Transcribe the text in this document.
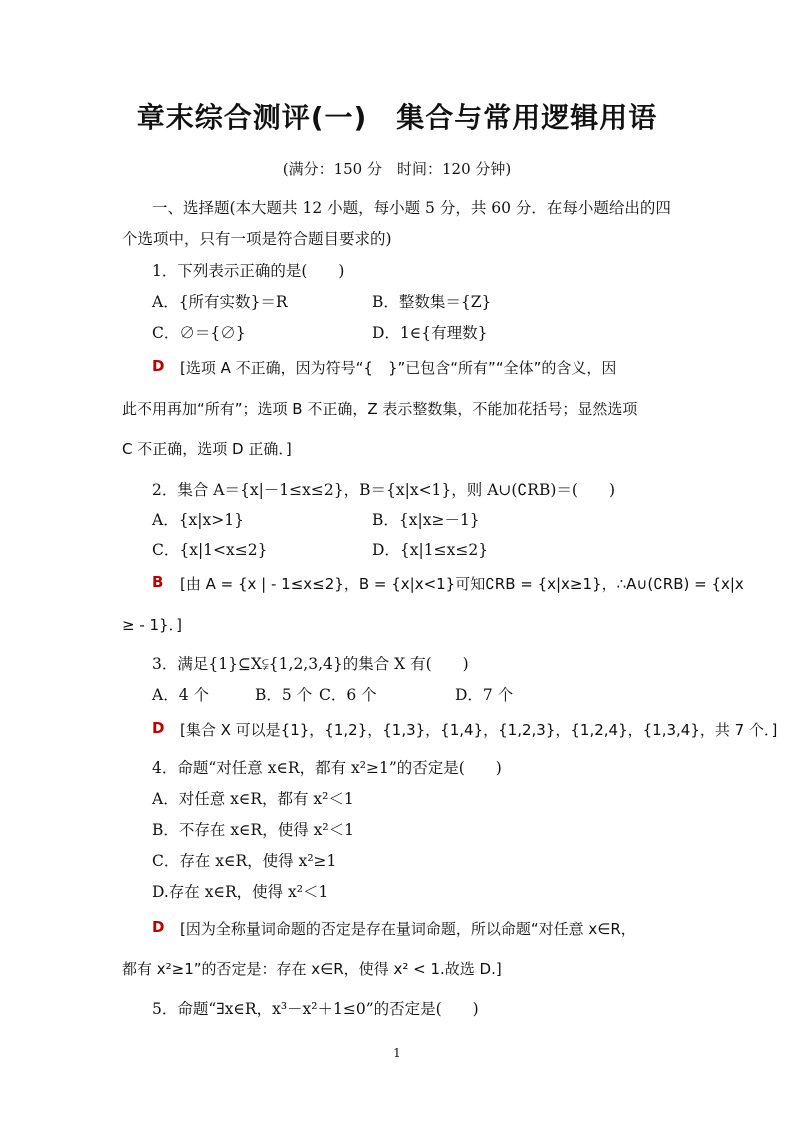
章末综合测评(一)　集合与常用逻辑用语
(满分：150 分　时间：120 分钟)
一、选择题(本大题共 12 小题，每小题 5 分，共 60 分．在每小题给出的四
个选项中，只有一项是符合题目要求的)
1．下列表示正确的是(　　)
A．{所有实数}＝R	B．整数集＝{Z}
C．∅＝{∅}	D．1∈{有理数}
D [选项 A 不正确，因为符号“{　}”已包含“所有”“全体”的含义，因
此不用再加“所有”；选项 B 不正确，Z 表示整数集，不能加花括号；显然选项
C 不正确，选项 D 正确．]
2．集合 A＝{x|－1≤x≤2}，B＝{x|x<1}，则 A∪(∁RB)＝(　　)
A．{x|x>1}	B．{x|x≥－1}
C．{x|1<x≤2}	D．{x|1≤x≤2}
B [由 A = {x | - 1≤x≤2}，B = {x|x<1}可知∁RB = {x|x≥1}，∴A∪(∁RB) = {x|x
≥ - 1}．]
3．满足{1}⊆X⫋{1,2,3,4}的集合 X 有(　　)
A．4 个	B．5 个 C．6 个	D．7 个
D [集合 X 可以是{1}，{1,2}，{1,3}，{1,4}，{1,2,3}，{1,2,4}，{1,3,4}，共 7 个．]
4．命题“对任意 x∈R，都有 x²≥1”的否定是(　　)
A．对任意 x∈R，都有 x²＜1
B．不存在 x∈R，使得 x²＜1
C．存在 x∈R，使得 x²≥1
D.存在 x∈R，使得 x²＜1
D [因为全称量词命题的否定是存在量词命题，所以命题“对任意 x∈R，
都有 x²≥1”的否定是：存在 x∈R，使得 x² < 1.故选 D.]
5．命题“∃x∈R，x³－x²＋1≤0”的否定是(　　)
1
